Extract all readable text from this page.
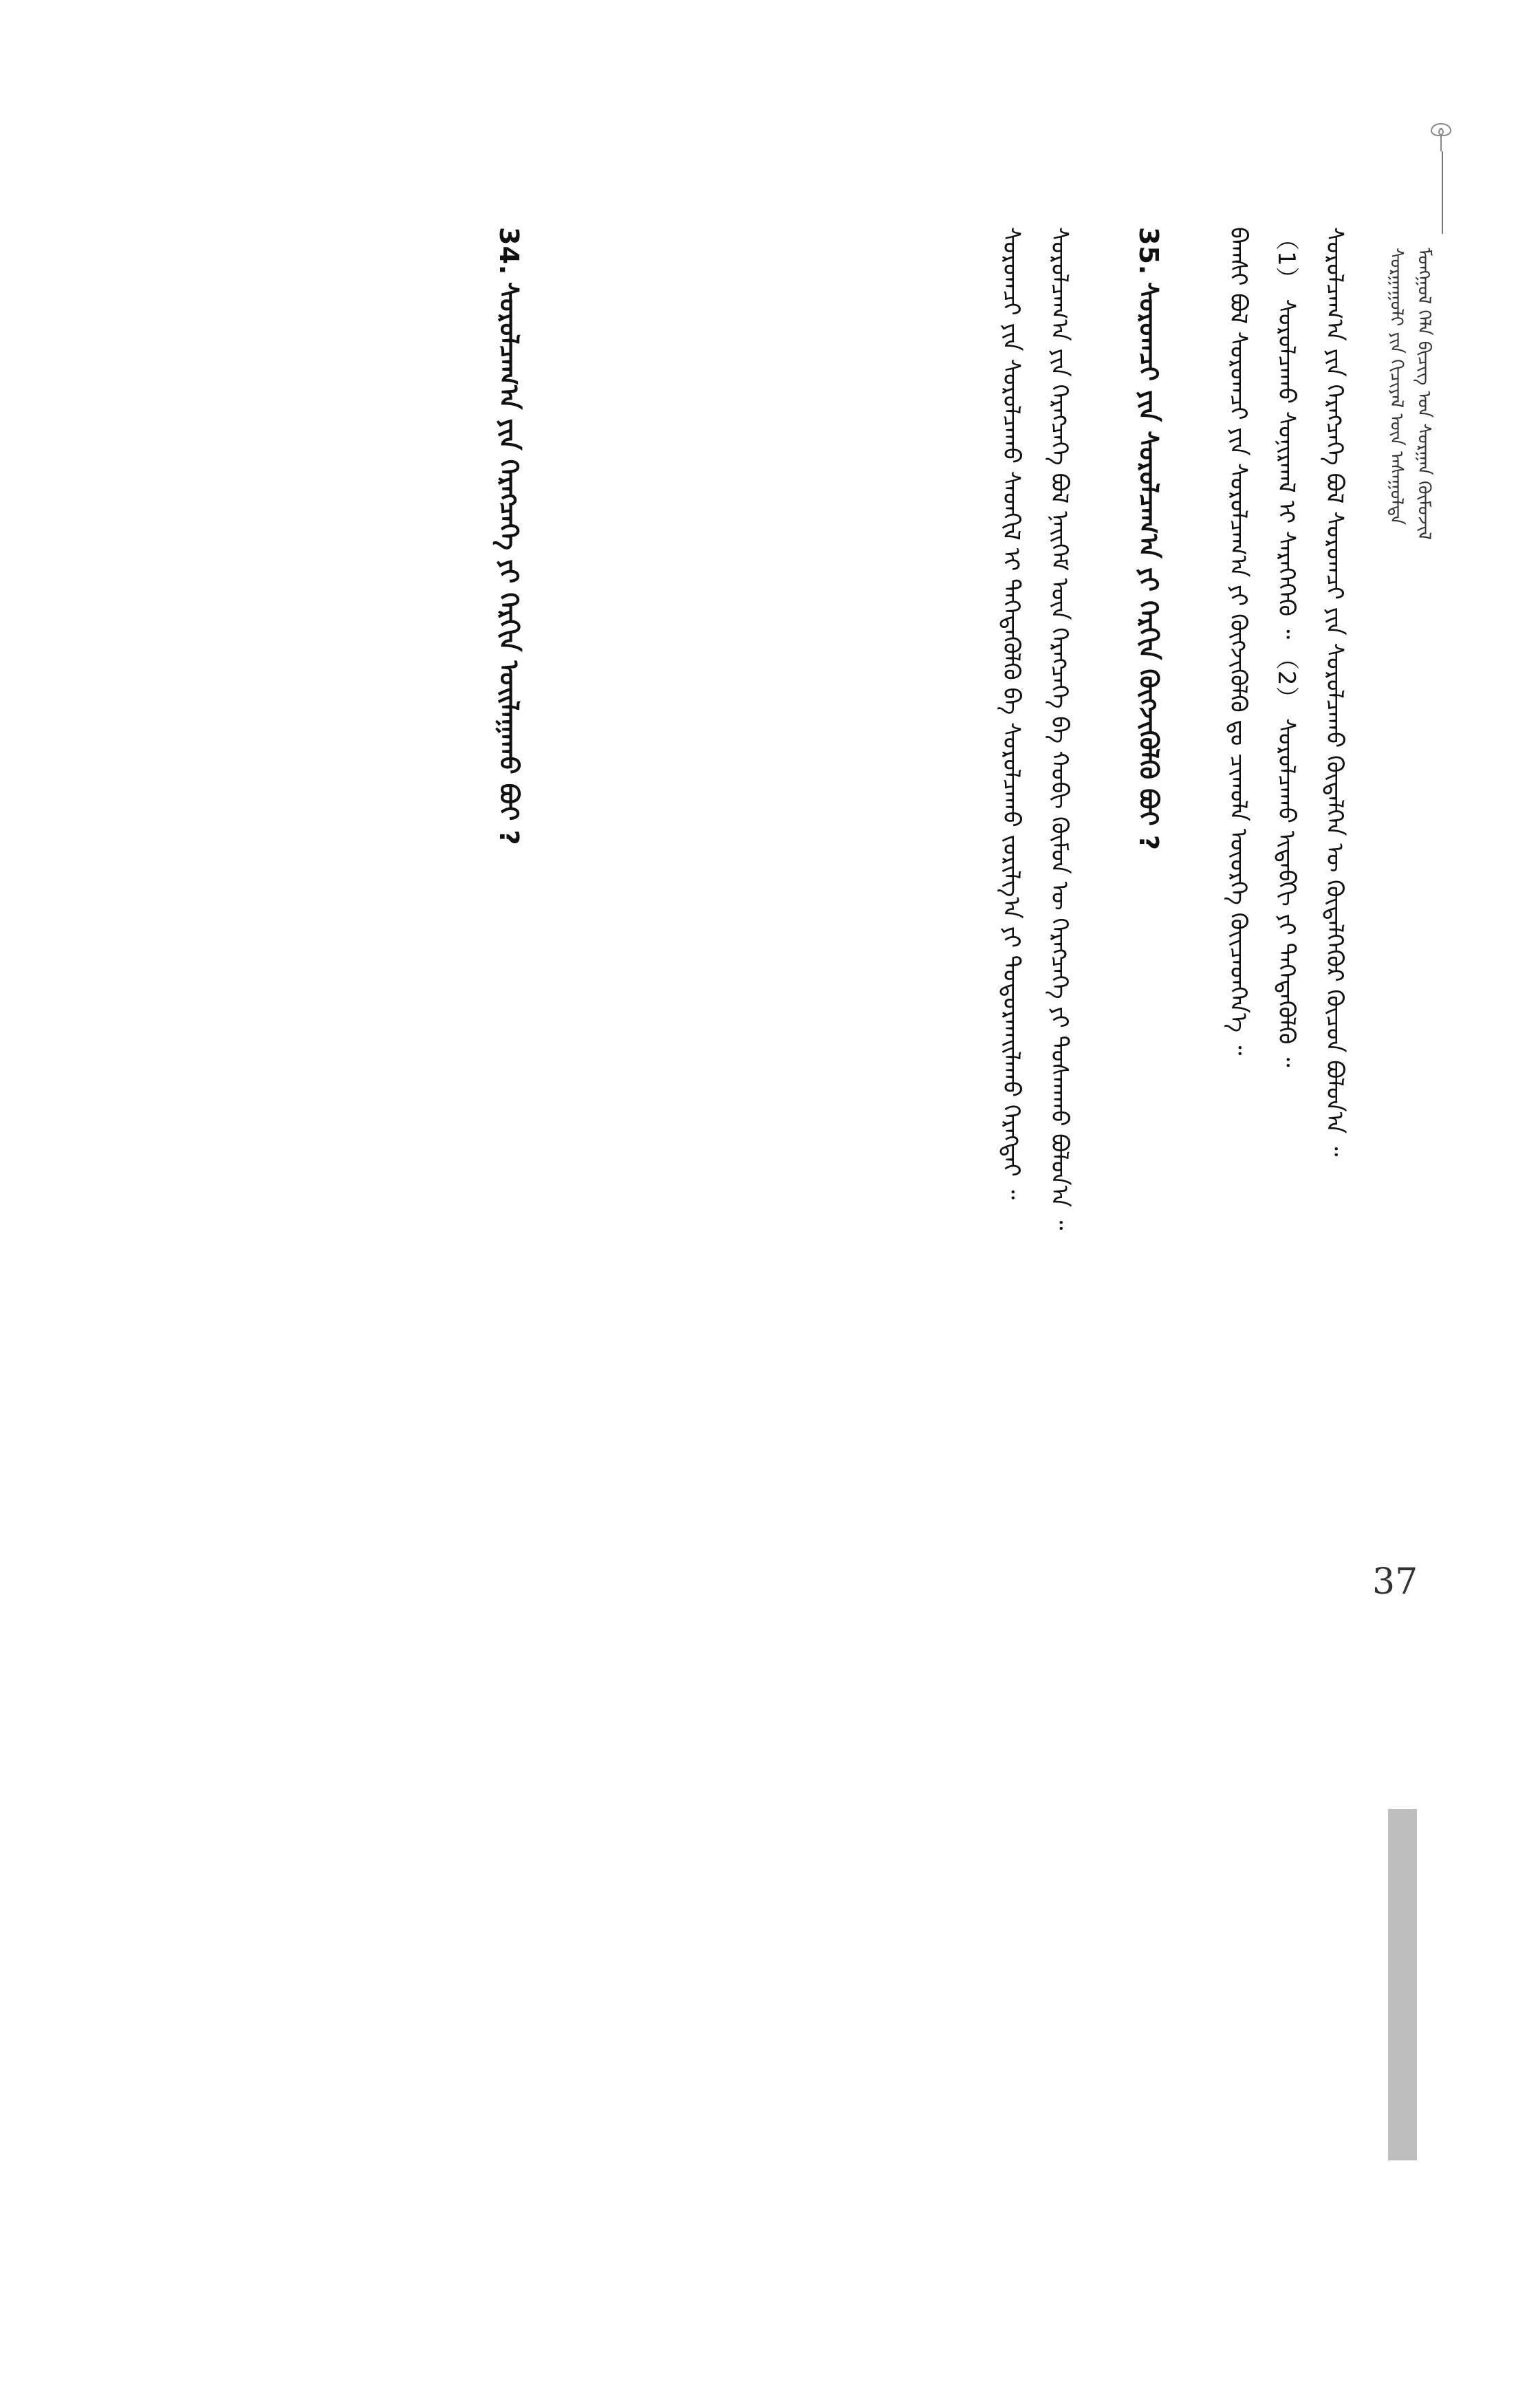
ᠮᠣᠩᠭᠣᠯ ᠬᠡᠯᠡ ᠪᠢᠴᠢᠭ ᠤᠨ ᠰᠤᠷᠭᠠᠨ ᠬᠦᠮᠦᠵᠢᠯ
ᠰᠤᠷᠭᠠᠭᠤᠯᠢ ᠶᠢᠨ ᠬᠢᠴᠢᠶᠡᠯ ᠦᠨ ᠠᠰᠠᠭᠤᠯᠲᠠ
ᠰᠤᠷᠤᠯᠴᠠᠭ᠎ᠠ ᠶᠢᠨ ᠬᠡᠷᠡᠭᠴᠡᠭᠡ ᠪᠣᠯ ᠰᠤᠷᠤᠭᠴᠢ ᠶᠢᠨ ᠰᠤᠷᠤᠯᠴᠠᠬᠤ ᠬᠥᠳᠡᠯᠭᠡᠨ ᠦ ᠬᠥᠳᠡᠯᠭᠡᠭᠦᠷ ᠬᠦᠴᠦᠨ ᠪᠣᠯᠤᠨ᠎ᠠ ᠃
（1） ᠰᠤᠷᠤᠯᠴᠠᠬᠤ ᠰᠣᠨᠢᠷᠬᠠᠯ ᠢ ᠰᠡᠷᠡᠭᠡᠭᠡᠬᠦ ᠃ （2） ᠰᠤᠷᠤᠯᠴᠠᠬᠤ ᠢᠳᠡᠪᠬᠢ ᠶᠢ ᠳᠡᠭᠡᠳᠡᠭᠦᠯᠬᠦ ᠃
ᠪᠠᠭᠰᠢ ᠪᠣᠯ ᠰᠤᠷᠤᠭᠴᠢ ᠶᠢᠨ ᠰᠤᠷᠤᠯᠴᠠᠭ᠎ᠠ ᠶᠢ ᠬᠥᠭᠵᠢᠭᠦᠯᠬᠦ ᠳᠤ ᠴᠢᠬᠤᠯᠠ ᠦᠦᠷᠭᠡ ᠭᠦᠢᠴᠡᠳᠭᠡᠨ᠎ᠡ ᠃
35.
ᠰᠤᠷᠤᠭᠴᠢ ᠶᠢᠨ ᠰᠤᠷᠤᠯᠴᠠᠭ᠎ᠠ ᠶᠢ ᠬᠡᠷᠬᠢᠨ ᠬᠥᠭᠵᠢᠭᠦᠯᠬᠦ ᠪᠤᠢ ?
ᠰᠤᠷᠤᠯᠴᠠᠭ᠎ᠠ ᠶᠢᠨ ᠬᠡᠷᠡᠭᠴᠡᠭᠡ ᠪᠣᠯ ᠨᠡᠢᠭᠡᠮ ᠦᠨ ᠬᠡᠷᠡᠭᠴᠡᠭᠡ ᠪᠠ ᠬᠤᠪᠢ ᠬᠦᠮᠦᠨ ᠦ ᠬᠡᠷᠡᠭᠴᠡᠭᠡ ᠶᠢ ᠲᠤᠰᠬᠠᠬᠤ ᠪᠣᠯᠤᠨ᠎ᠠ ᠃
ᠰᠤᠷᠤᠭᠴᠢ ᠶᠢᠨ ᠰᠤᠷᠤᠯᠴᠠᠬᠤ ᠰᠡᠳᠬᠢᠯ ᠢ ᠳᠡᠭᠡᠳᠡᠭᠦᠯᠬᠦ ᠪᠠ ᠰᠤᠷᠤᠯᠴᠠᠬᠤ ᠵᠣᠷᠢᠯᠭ᠎ᠠ ᠶᠢ ᠲᠣᠳᠣᠷᠬᠠᠢᠯᠠᠬᠤ ᠬᠡᠷᠡᠭᠲᠡᠢ ᠃
34.
ᠰᠤᠷᠤᠯᠴᠠᠭ᠎ᠠ ᠶᠢᠨ ᠬᠡᠷᠡᠭᠴᠡᠭᠡ ᠶᠢ ᠬᠡᠷᠬᠢᠨ ᠣᠢᠯᠠᠭᠠᠬᠤ ᠪᠤᠢ ?
37
